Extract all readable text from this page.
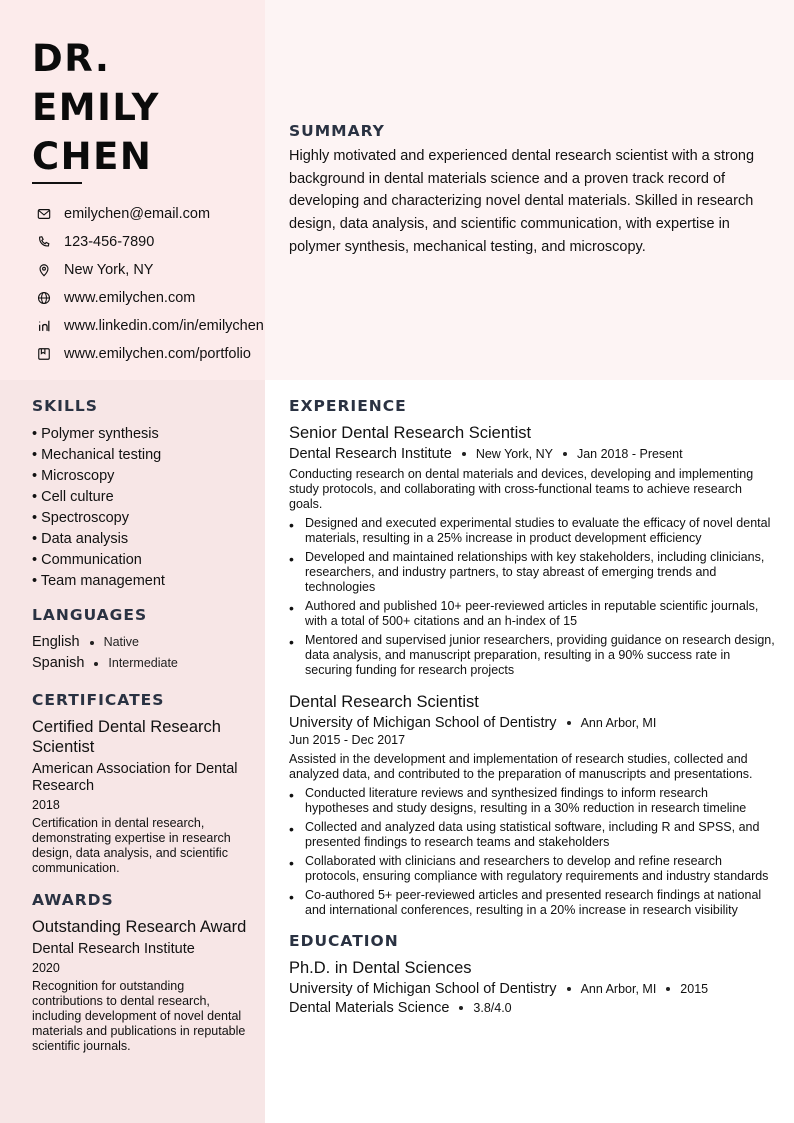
DR.
EMILY
CHEN
emilychen@email.com
123-456-7890
New York, NY
www.emilychen.com
www.linkedin.com/in/emilychen
www.emilychen.com/portfolio
SUMMARY

Highly motivated and experienced dental research scientist with a strong background in dental materials science and a proven track record of developing and characterizing novel dental materials. Skilled in research design, data analysis, and scientific communication, with expertise in polymer synthesis, mechanical testing, and microscopy.

SKILLS
• Polymer synthesis
• Mechanical testing
• Microscopy
• Cell culture
• Spectroscopy
• Data analysis
• Communication
• Team management
LANGUAGES
English Native
Spanish Intermediate
CERTIFICATES
Certified Dental Research Scientist
American Association for Dental Research
2018
Certification in dental research, demonstrating expertise in research design, data analysis, and scientific communication.
AWARDS
Outstanding Research Award
Dental Research Institute
2020
Recognition for outstanding contributions to dental research, including development of novel dental materials and publications in reputable scientific journals.
EXPERIENCE
Senior Dental Research Scientist
Dental Research Institute New York, NY Jan 2018 - Present
Conducting research on dental materials and devices, developing and implementing study protocols, and collaborating with cross-functional teams to achieve research goals.
• Designed and executed experimental studies to evaluate the efficacy of novel dental materials, resulting in a 25% increase in product development efficiency
• Developed and maintained relationships with key stakeholders, including clinicians, researchers, and industry partners, to stay abreast of emerging trends and technologies
• Authored and published 10+ peer-reviewed articles in reputable scientific journals, with a total of 500+ citations and an h-index of 15
• Mentored and supervised junior researchers, providing guidance on research design, data analysis, and manuscript preparation, resulting in a 90% success rate in securing funding for research projects
Dental Research Scientist
University of Michigan School of Dentistry Ann Arbor, MI
Jun 2015 - Dec 2017
Assisted in the development and implementation of research studies, collected and analyzed data, and contributed to the preparation of manuscripts and presentations.
• Conducted literature reviews and synthesized findings to inform research hypotheses and study designs, resulting in a 30% reduction in research timeline
• Collected and analyzed data using statistical software, including R and SPSS, and presented findings to research teams and stakeholders
• Collaborated with clinicians and researchers to develop and refine research protocols, ensuring compliance with regulatory requirements and industry standards
• Co-authored 5+ peer-reviewed articles and presented research findings at national and international conferences, resulting in a 20% increase in research visibility
EDUCATION
Ph.D. in Dental Sciences
University of Michigan School of Dentistry Ann Arbor, MI 2015
Dental Materials Science 3.8/4.0
